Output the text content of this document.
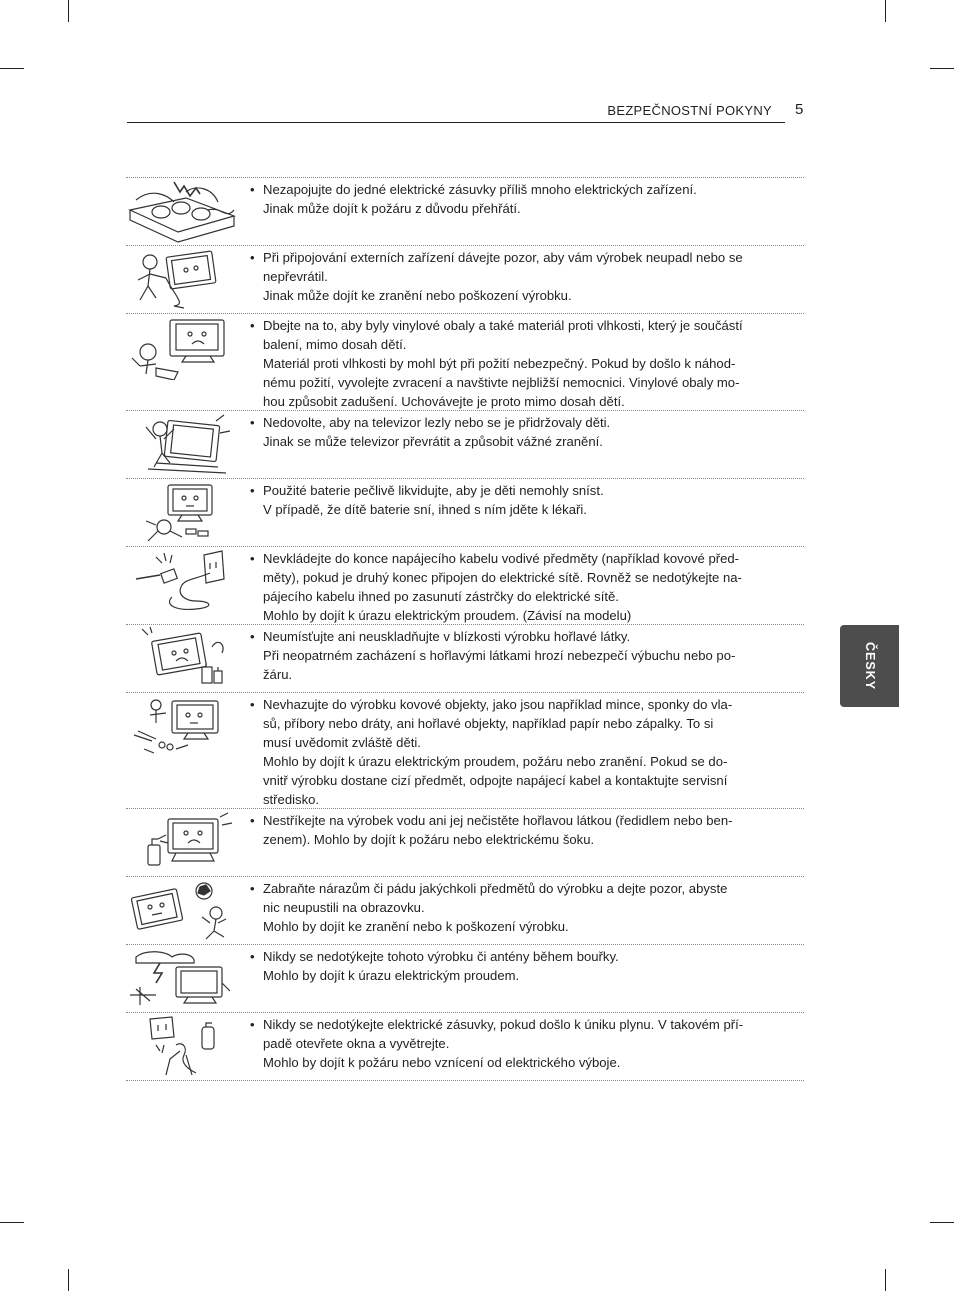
BEZPEČNOSTNÍ POKYNY 5
• Nezapojujte do jedné elektrické zásuvky příliš mnoho elektrických zařízení.
Jinak může dojít k požáru z důvodu přehřátí.
• Při připojování externích zařízení dávejte pozor, aby vám výrobek neupadl nebo se
nepřevrátil.
Jinak může dojít ke zranění nebo poškození výrobku.
• Dbejte na to, aby byly vinylové obaly a také materiál proti vlhkosti, který je součástí
balení, mimo dosah dětí.
Materiál proti vlhkosti by mohl být při požití nebezpečný. Pokud by došlo k náhod-
nému požití, vyvolejte zvracení a navštivte nejbližší nemocnici. Vinylové obaly mo-
hou způsobit zadušení. Uchovávejte je proto mimo dosah dětí.
• Nedovolte, aby na televizor lezly nebo se je přidržovaly děti.
Jinak se může televizor převrátit a způsobit vážné zranění.
• Použité baterie pečlivě likvidujte, aby je děti nemohly sníst.
V případě, že dítě baterie sní, ihned s ním jděte k lékaři.
• Nevkládejte do konce napájecího kabelu vodivé předměty (například kovové před-
měty), pokud je druhý konec připojen do elektrické sítě. Rovněž se nedotýkejte na-
pájecího kabelu ihned po zasunutí zástrčky do elektrické sítě.
Mohlo by dojít k úrazu elektrickým proudem. (Závisí na modelu)
• Neumísťujte ani neuskladňujte v blízkosti výrobku hořlavé látky.
Při neopatrném zacházení s hořlavými látkami hrozí nebezpečí výbuchu nebo po-
žáru.
• Nevhazujte do výrobku kovové objekty, jako jsou například mince, sponky do vla-
sů, příbory nebo dráty, ani hořlavé objekty, například papír nebo zápalky. To si
musí uvědomit zvláště děti.
Mohlo by dojít k úrazu elektrickým proudem, požáru nebo zranění. Pokud se do-
vnitř výrobku dostane cizí předmět, odpojte napájecí kabel a kontaktujte servisní
středisko.
• Nestříkejte na výrobek vodu ani jej nečistěte hořlavou látkou (ředidlem nebo ben-
zenem). Mohlo by dojít k požáru nebo elektrickému šoku.
• Zabraňte nárazům či pádu jakýchkoli předmětů do výrobku a dejte pozor, abyste
nic neupustili na obrazovku.
Mohlo by dojít ke zranění nebo k poškození výrobku.
• Nikdy se nedotýkejte tohoto výrobku či antény během bouřky.
Mohlo by dojít k úrazu elektrickým proudem.
• Nikdy se nedotýkejte elektrické zásuvky, pokud došlo k úniku plynu. V takovém pří-
padě otevřete okna a vyvětrejte.
Mohlo by dojít k požáru nebo vznícení od elektrického výboje.
ČESKY
